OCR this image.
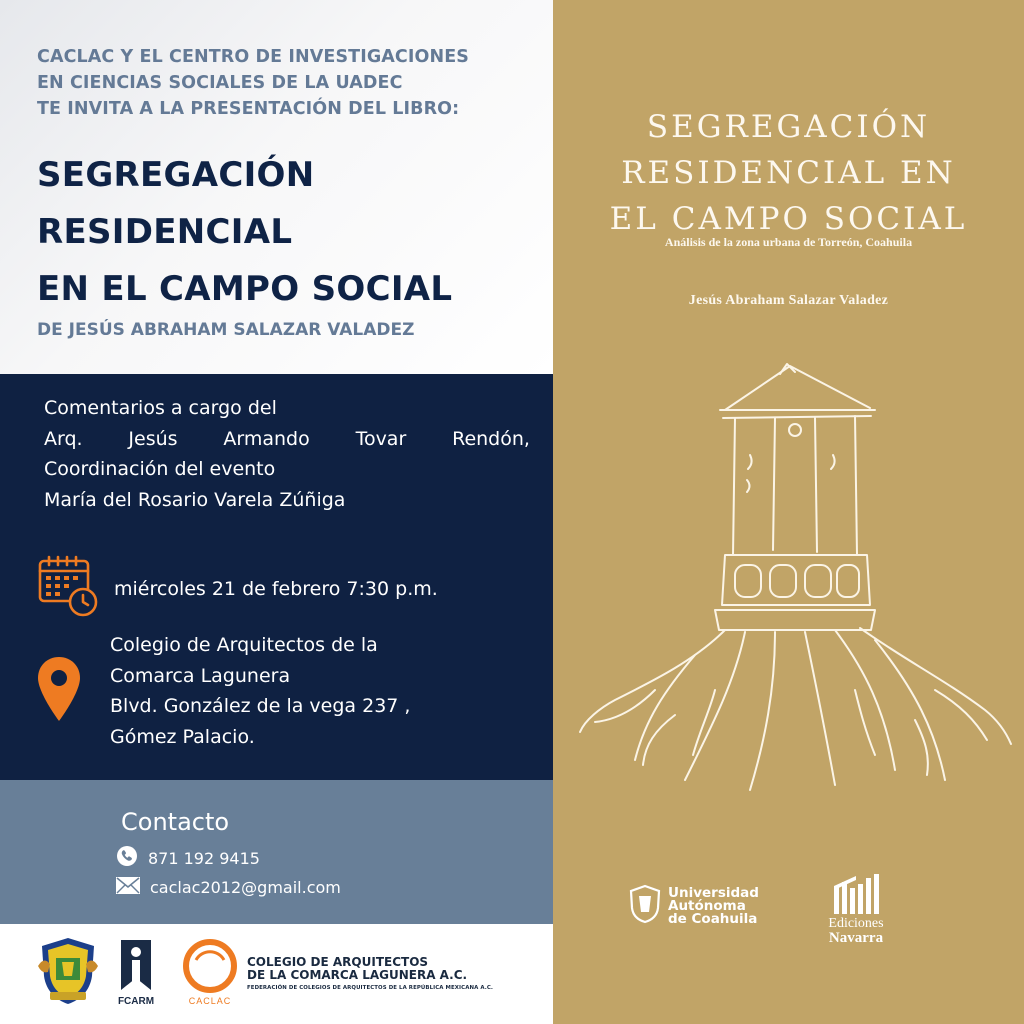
CACLAC Y EL CENTRO DE INVESTIGACIONES
EN CIENCIAS SOCIALES DE LA UADEC
TE INVITA A LA PRESENTACIÓN DEL LIBRO:
SEGREGACIÓN
RESIDENCIAL
EN EL CAMPO SOCIAL
DE JESÚS ABRAHAM SALAZAR VALADEZ
Comentarios a cargo del
Arq. Jesús Armando Tovar Rendón,
Coordinación del evento
María del Rosario Varela Zúñiga
miércoles 21 de febrero 7:30 p.m.
Colegio de Arquitectos de la
Comarca Lagunera
Blvd. González de la vega 237 ,
Gómez Palacio.
Contacto
871 192 9415
caclac2012@gmail.com
FCARM	CACLAC
COLEGIO DE ARQUITECTOS
DE LA COMARCA LAGUNERA A.C.
FEDERACIÓN DE COLEGIOS DE ARQUITECTOS DE LA REPÚBLICA MEXICANA A.C.
SEGREGACIÓN
RESIDENCIAL EN
EL CAMPO SOCIAL
Análisis de la zona urbana de Torreón, Coahuila
Jesús Abraham Salazar Valadez
Universidad
Autónoma
de Coahuila	Ediciones
Navarra
